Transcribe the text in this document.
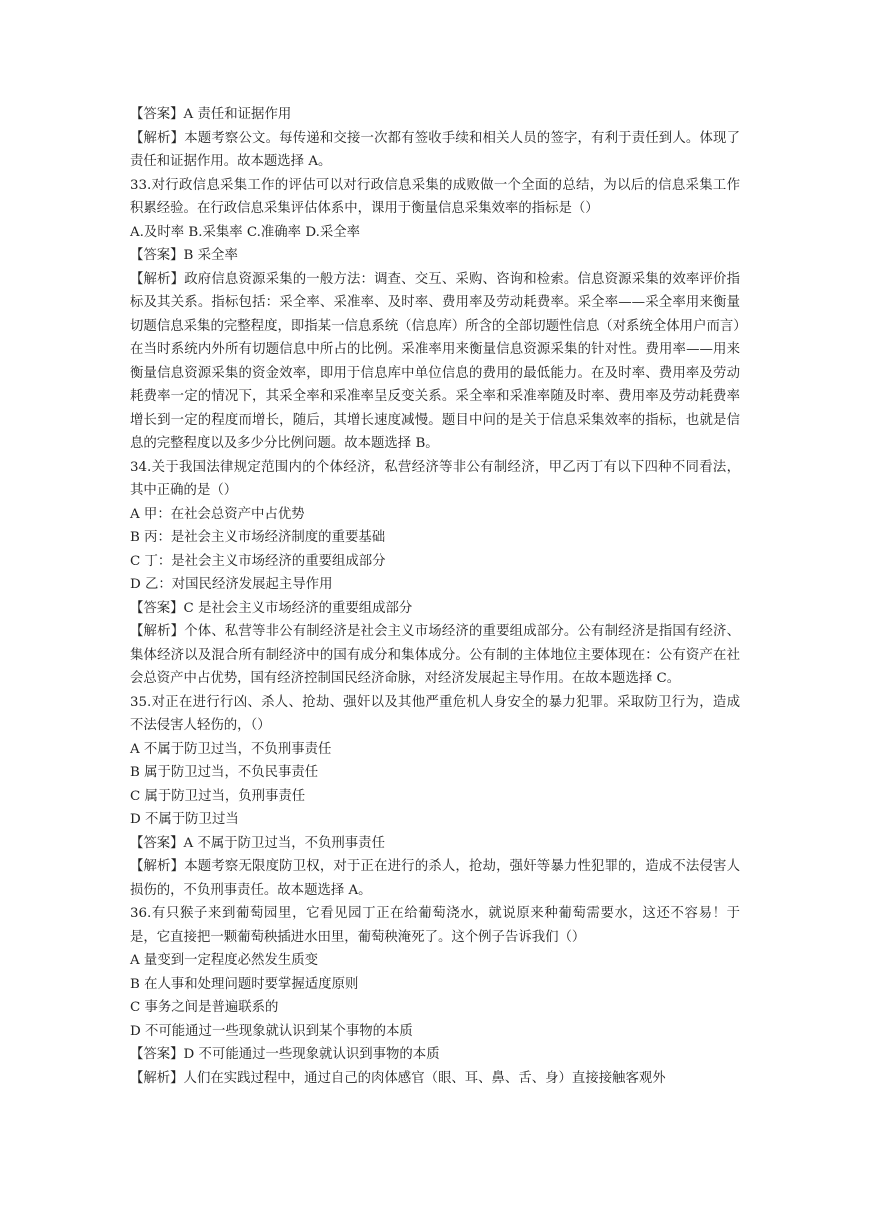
【答案】A 责任和证据作用

【解析】本题考察公文。每传递和交接一次都有签收手续和相关人员的签字，有利于责任到人。体现了责任和证据作用。故本题选择 A。

33.对行政信息采集工作的评估可以对行政信息采集的成败做一个全面的总结，为以后的信息采集工作积累经验。在行政信息采集评估体系中，课用于衡量信息采集效率的指标是（）

A.及时率 B.采集率 C.准确率 D.采全率

【答案】B 采全率

【解析】政府信息资源采集的一般方法：调查、交互、采购、咨询和检索。信息资源采集的效率评价指标及其关系。指标包括：采全率、采准率、及时率、费用率及劳动耗费率。采全率——采全率用来衡量切题信息采集的完整程度，即指某一信息系统（信息库）所含的全部切题性信息（对系统全体用户而言）在当时系统内外所有切题信息中所占的比例。采准率用来衡量信息资源采集的针对性。费用率——用来衡量信息资源采集的资金效率，即用于信息库中单位信息的费用的最低能力。在及时率、费用率及劳动耗费率一定的情况下，其采全率和采准率呈反变关系。采全率和采准率随及时率、费用率及劳动耗费率增长到一定的程度而增长，随后，其增长速度减慢。题目中问的是关于信息采集效率的指标，也就是信息的完整程度以及多少分比例问题。故本题选择 B。

34.关于我国法律规定范围内的个体经济，私营经济等非公有制经济，甲乙丙丁有以下四种不同看法，其中正确的是（）

A 甲：在社会总资产中占优势

B 丙：是社会主义市场经济制度的重要基础

C 丁：是社会主义市场经济的重要组成部分

D 乙：对国民经济发展起主导作用

【答案】C 是社会主义市场经济的重要组成部分

【解析】个体、私营等非公有制经济是社会主义市场经济的重要组成部分。公有制经济是指国有经济、集体经济以及混合所有制经济中的国有成分和集体成分。公有制的主体地位主要体现在：公有资产在社会总资产中占优势，国有经济控制国民经济命脉，对经济发展起主导作用。在故本题选择 C。

35.对正在进行行凶、杀人、抢劫、强奸以及其他严重危机人身安全的暴力犯罪。采取防卫行为，造成不法侵害人轻伤的，（）

A 不属于防卫过当，不负刑事责任

B 属于防卫过当，不负民事责任

C 属于防卫过当，负刑事责任

D 不属于防卫过当

【答案】A 不属于防卫过当，不负刑事责任

【解析】本题考察无限度防卫权，对于正在进行的杀人，抢劫，强奸等暴力性犯罪的，造成不法侵害人损伤的，不负刑事责任。故本题选择 A。

36.有只猴子来到葡萄园里，它看见园丁正在给葡萄浇水，就说原来种葡萄需要水，这还不容易！于是，它直接把一颗葡萄秧插进水田里，葡萄秧淹死了。这个例子告诉我们（）

A 量变到一定程度必然发生质变

B 在人事和处理问题时要掌握适度原则

C 事务之间是普遍联系的

D 不可能通过一些现象就认识到某个事物的本质

【答案】D 不可能通过一些现象就认识到事物的本质

【解析】人们在实践过程中，通过自己的肉体感官（眼、耳、鼻、舌、身）直接接触客观外
